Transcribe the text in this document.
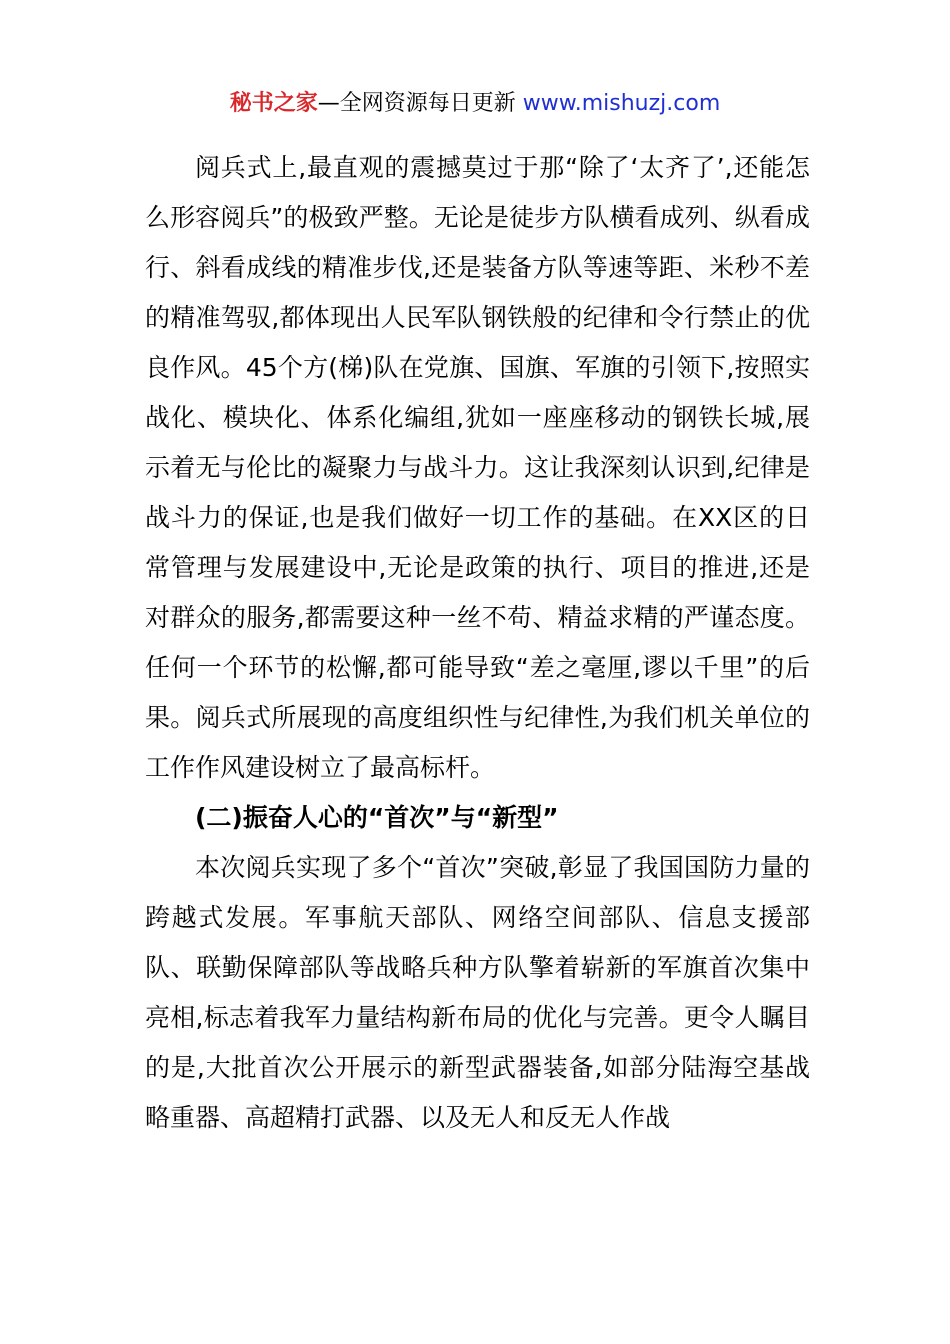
秘书之家—全网资源每日更新 www.mishuzj.com

阅兵式上,最直观的震撼莫过于那“除了‘太齐了’,还能怎么形容阅兵”的极致严整。无论是徒步方队横看成列、纵看成行、斜看成线的精准步伐,还是装备方队等速等距、米秒不差的精准驾驭,都体现出人民军队钢铁般的纪律和令行禁止的优良作风。45个方(梯)队在党旗、国旗、军旗的引领下,按照实战化、模块化、体系化编组,犹如一座座移动的钢铁长城,展示着无与伦比的凝聚力与战斗力。这让我深刻认识到,纪律是战斗力的保证,也是我们做好一切工作的基础。在XX区的日常管理与发展建设中,无论是政策的执行、项目的推进,还是对群众的服务,都需要这种一丝不苟、精益求精的严谨态度。任何一个环节的松懈,都可能导致“差之毫厘,谬以千里”的后果。阅兵式所展现的高度组织性与纪律性,为我们机关单位的工作作风建设树立了最高标杆。

(二)振奋人心的“首次”与“新型”

本次阅兵实现了多个“首次”突破,彰显了我国国防力量的跨越式发展。军事航天部队、网络空间部队、信息支援部队、联勤保障部队等战略兵种方队擎着崭新的军旗首次集中亮相,标志着我军力量结构新布局的优化与完善。更令人瞩目的是,大批首次公开展示的新型武器装备,如部分陆海空基战略重器、高超精打武器、以及无人和反无人作战
